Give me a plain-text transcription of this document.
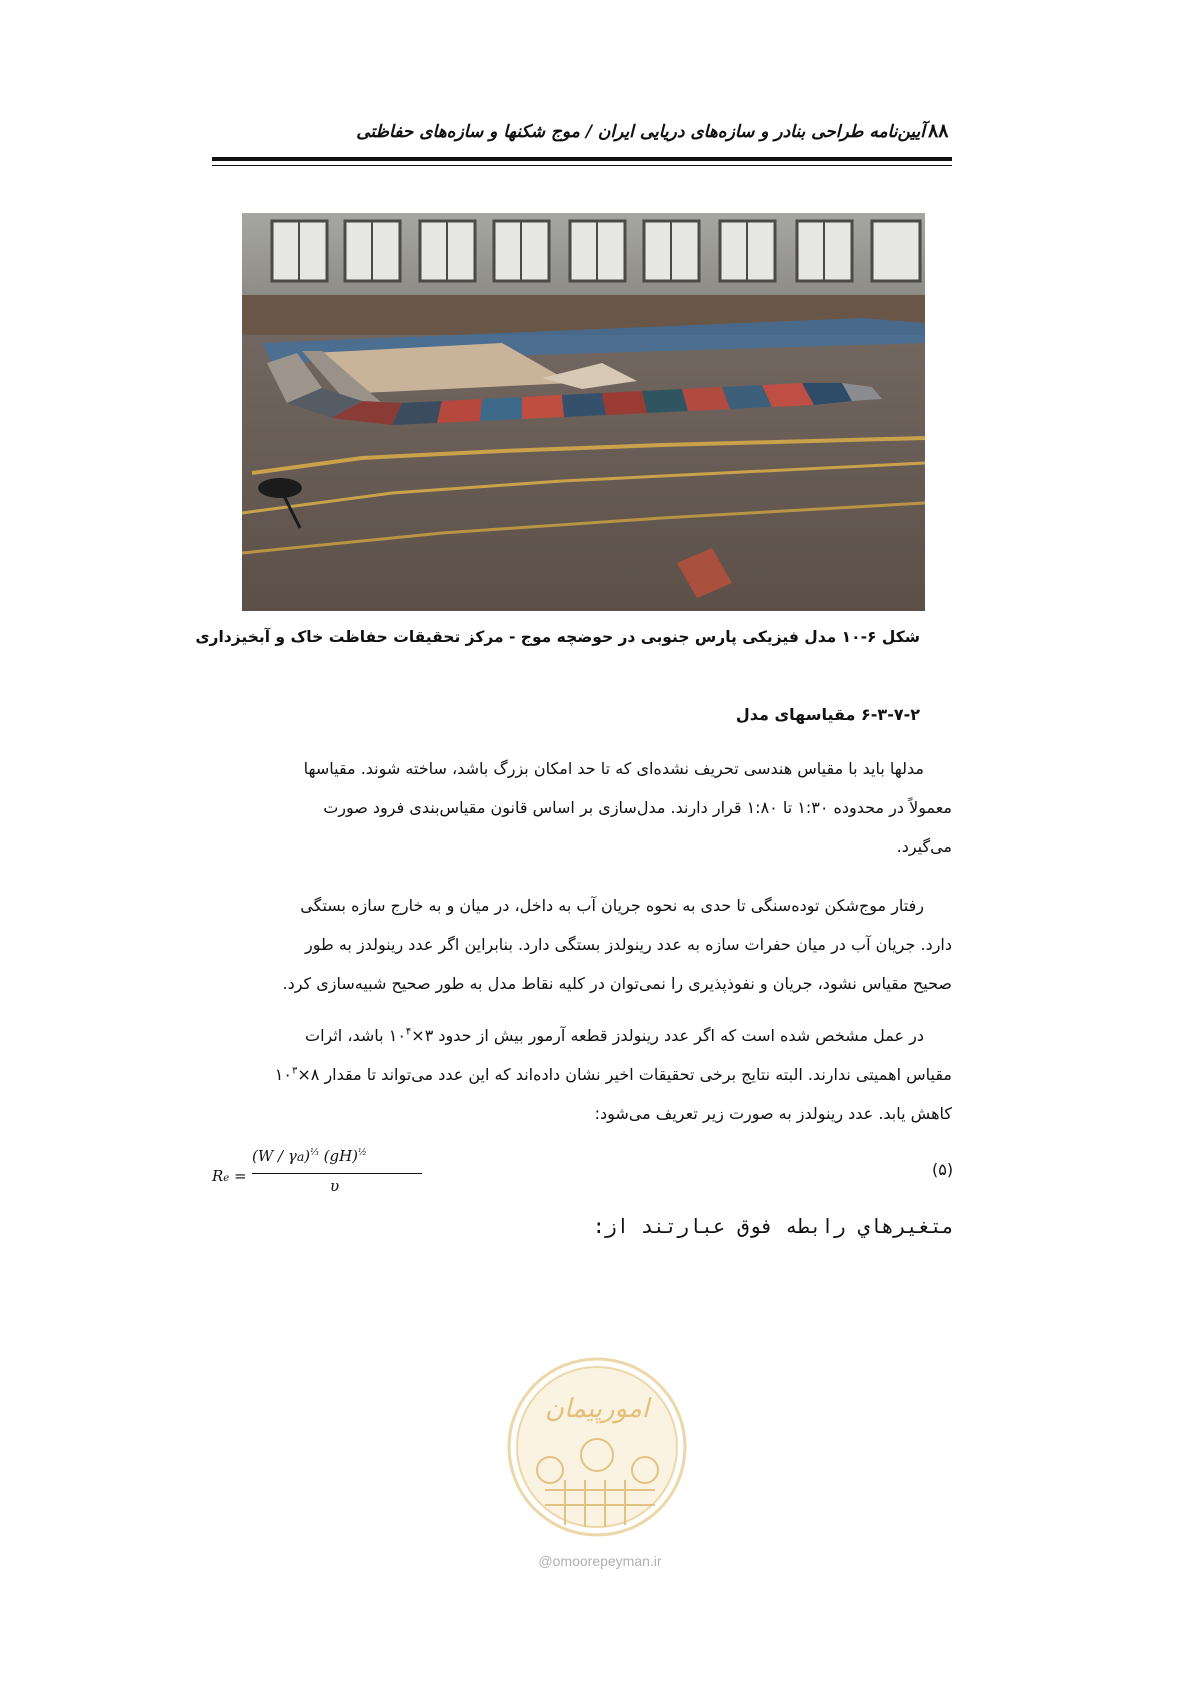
آیین‌نامه طراحی بنادر و سازه‌های دریایی ایران / موج شکنها و سازه‌های حفاظتی ۸۸
شکل ۶-۱۰ مدل فیزیکی پارس جنوبی در حوضچه موج - مرکز تحقیقات حفاظت خاک و آبخیزداری
۶-۳-۷-۲ مقیاسهای مدل

مدلها باید با مقیاس هندسی تحریف نشده‌ای که تا حد امکان بزرگ باشد، ساخته شوند. مقیاسها

معمولاً در محدوده ۱:۳۰ تا ۱:۸۰ قرار دارند. مدل‌سازی بر اساس قانون مقیاس‌بندی فرود صورت

می‌گیرد.

رفتار موج‌شکن توده‌سنگی تا حدی به نحوه جریان آب به داخل، در میان و به خارج سازه بستگی

دارد. جریان آب در میان حفرات سازه به عدد رینولدز بستگی دارد. بنابراین اگر عدد رینولدز به طور

صحیح مقیاس نشود، جریان و نفوذپذیری را نمی‌توان در کلیه نقاط مدل به طور صحیح شبیه‌سازی کرد.

در عمل مشخص شده است که اگر عدد رینولدز قطعه آرمور بیش از حدود $۳\times ۱۰^۴$ باشد، اثرات

مقیاس اهمیتی ندارند. البته نتایج برخی تحقیقات اخیر نشان داده‌اند که این عدد می‌تواند تا مقدار $۸\times ۱۰^۳$

کاهش یابد. عدد رینولدز به صورت زیر تعریف می‌شود:

Re =
(W / γa)$^{\frac{1}{3}}$ (gH)$^{\frac{1}{2}}$
υ
(۵)
متغيرهاي رابطه فوق عبارتند از:
امورپیمان
@omoorepeyman.ir
